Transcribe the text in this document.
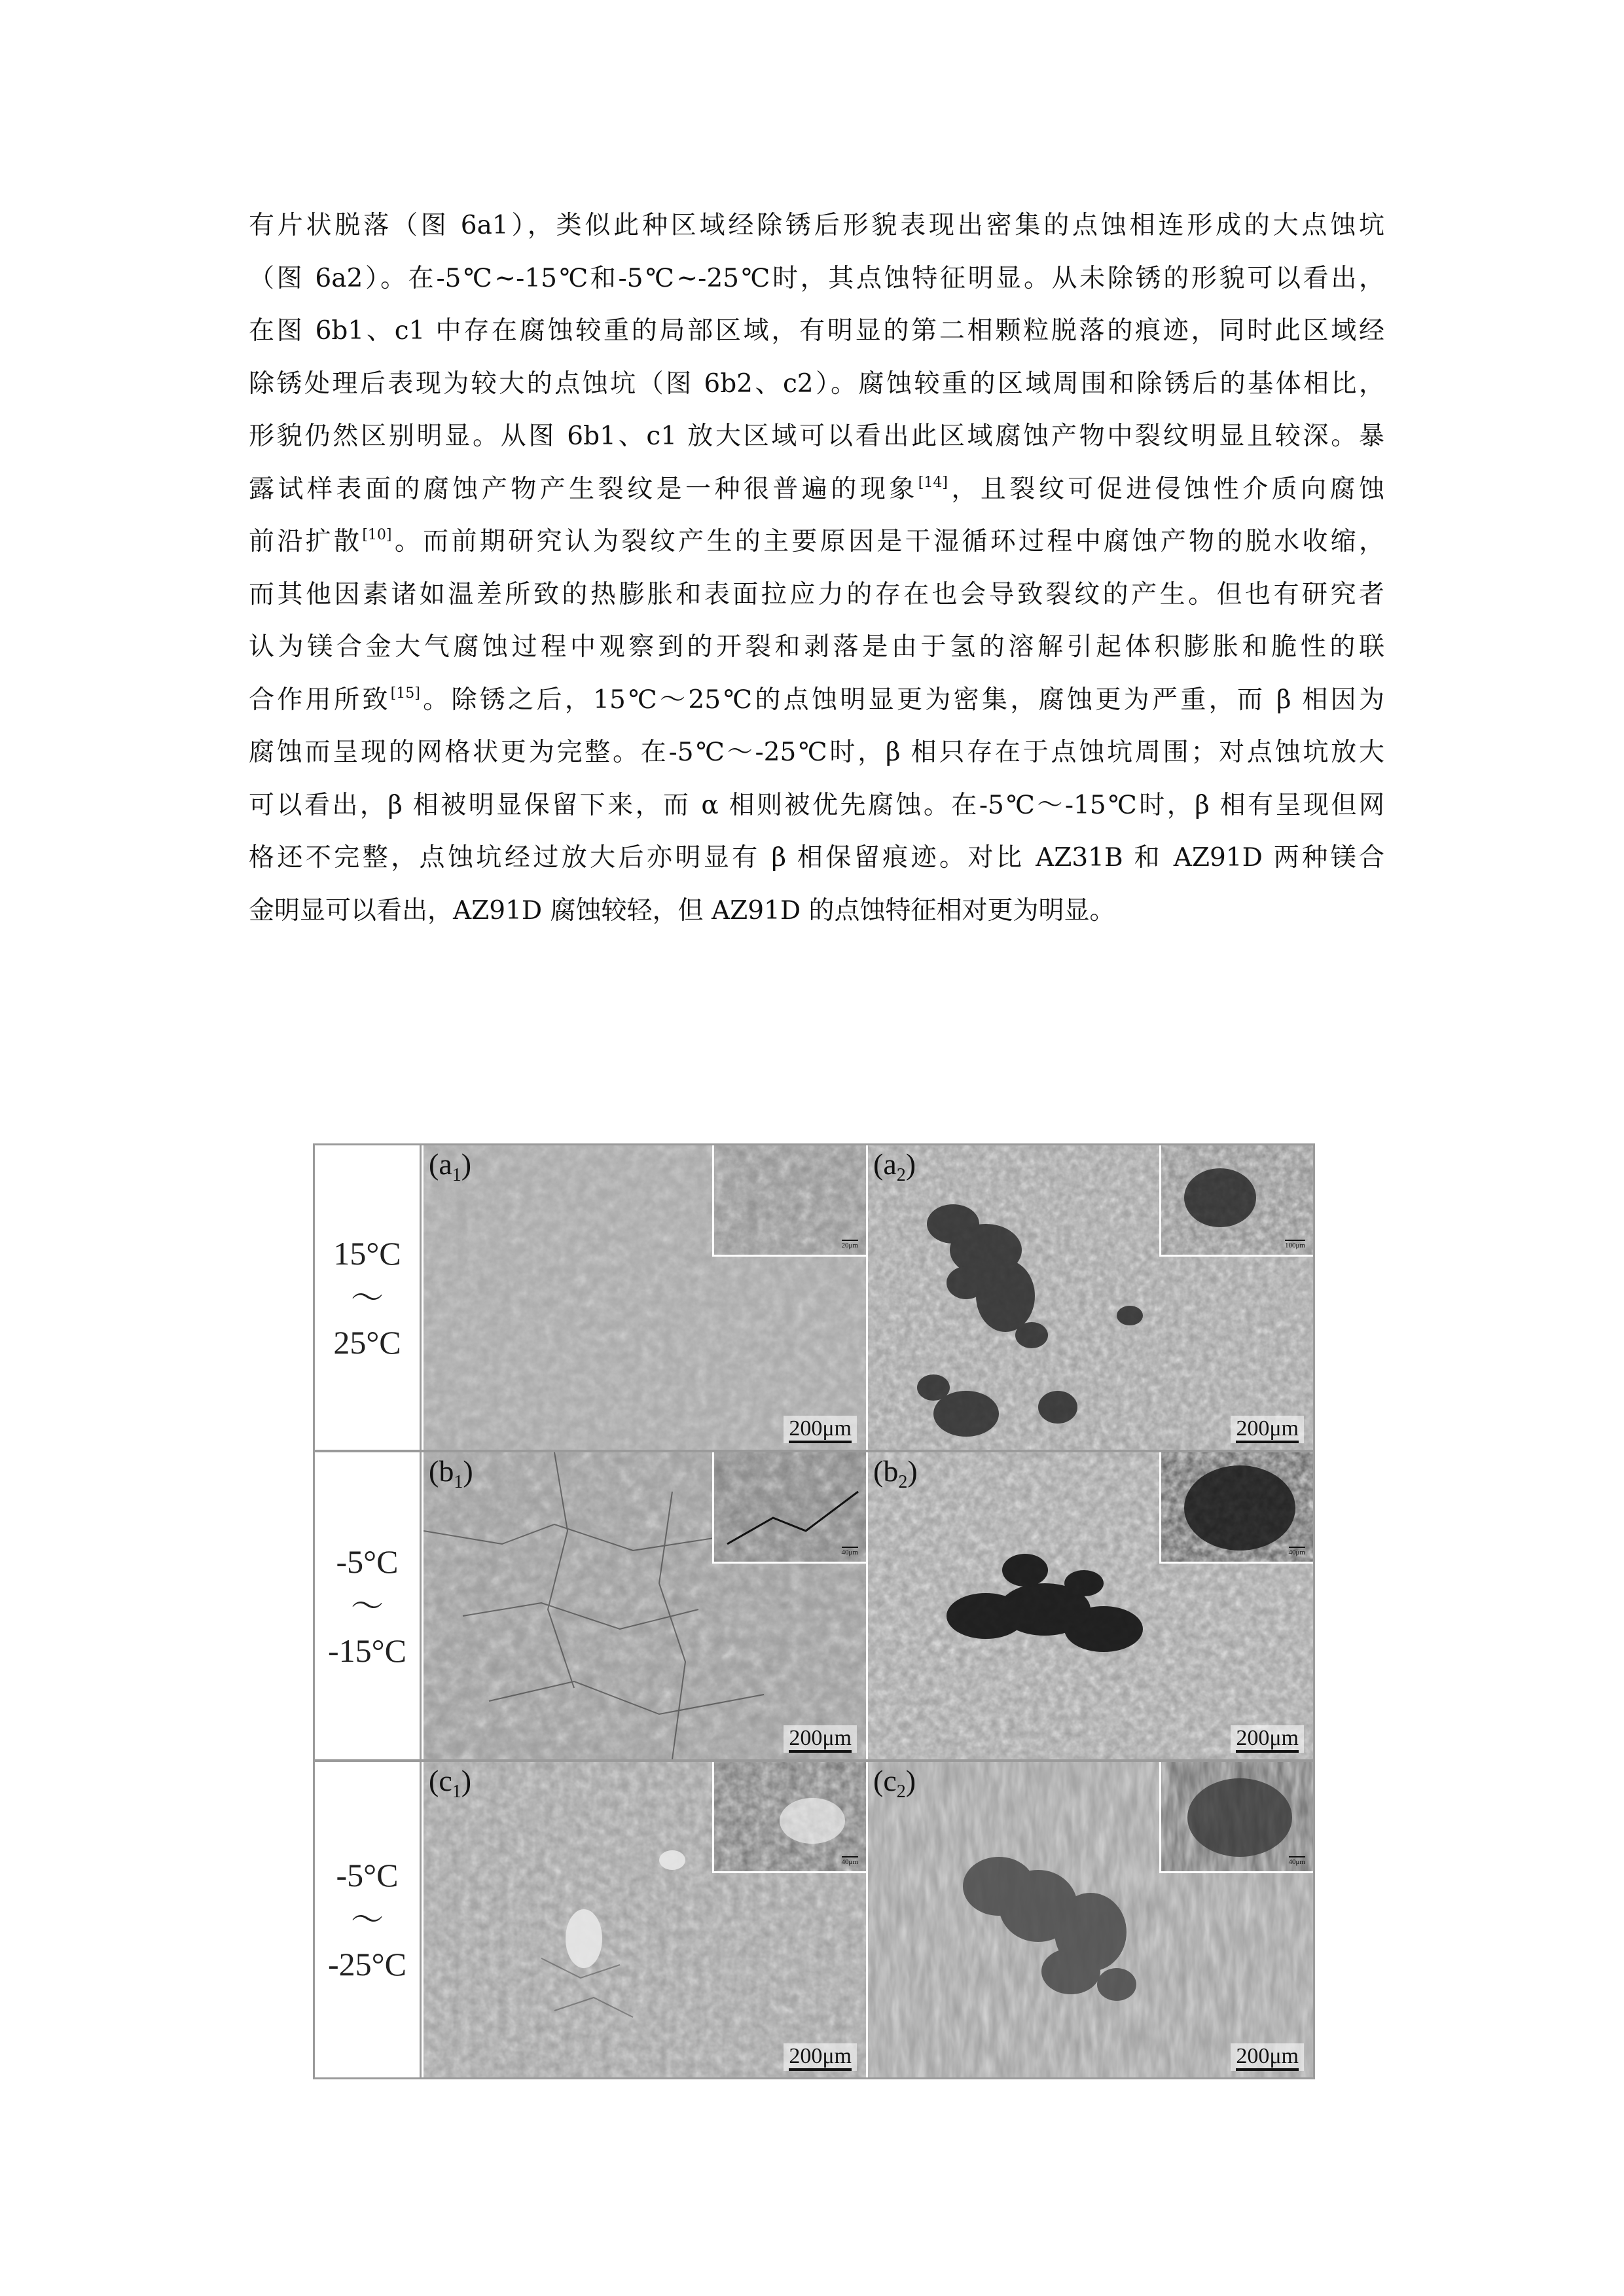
有片状脱落（图 6a1），类似此种区域经除锈后形貌表现出密集的点蚀相连形成的大点蚀坑
（图 6a2）。在-5℃~-15℃和-5℃~-25℃时，其点蚀特征明显。从未除锈的形貌可以看出，
在图 6b1、c1 中存在腐蚀较重的局部区域，有明显的第二相颗粒脱落的痕迹，同时此区域经
除锈处理后表现为较大的点蚀坑（图 6b2、c2）。腐蚀较重的区域周围和除锈后的基体相比，
形貌仍然区别明显。从图 6b1、c1 放大区域可以看出此区域腐蚀产物中裂纹明显且较深。暴
露试样表面的腐蚀产物产生裂纹是一种很普遍的现象[14]，且裂纹可促进侵蚀性介质向腐蚀
前沿扩散[10]。而前期研究认为裂纹产生的主要原因是干湿循环过程中腐蚀产物的脱水收缩，
而其他因素诸如温差所致的热膨胀和表面拉应力的存在也会导致裂纹的产生。但也有研究者
认为镁合金大气腐蚀过程中观察到的开裂和剥落是由于氢的溶解引起体积膨胀和脆性的联
合作用所致[15]。除锈之后，15℃～25℃的点蚀明显更为密集，腐蚀更为严重，而 β 相因为
腐蚀而呈现的网格状更为完整。在-5℃～-25℃时，β 相只存在于点蚀坑周围；对点蚀坑放大
可以看出，β 相被明显保留下来，而 α 相则被优先腐蚀。在-5℃～-15℃时，β 相有呈现但网
格还不完整，点蚀坑经过放大后亦明显有 β 相保留痕迹。对比 AZ31B 和 AZ91D 两种镁合
金明显可以看出，AZ91D 腐蚀较轻，但 AZ91D 的点蚀特征相对更为明显。
15°C
～
25°C
$(a_1)$
20μm
200μm
$(a_2)$
100μm
200μm
-5°C
～
-15°C
$(b_1)$
40μm
200μm
$(b_2)$
40μm
200μm
-5°C
～
-25°C
$(c_1)$
40μm
200μm
$(c_2)$
40μm
200μm
